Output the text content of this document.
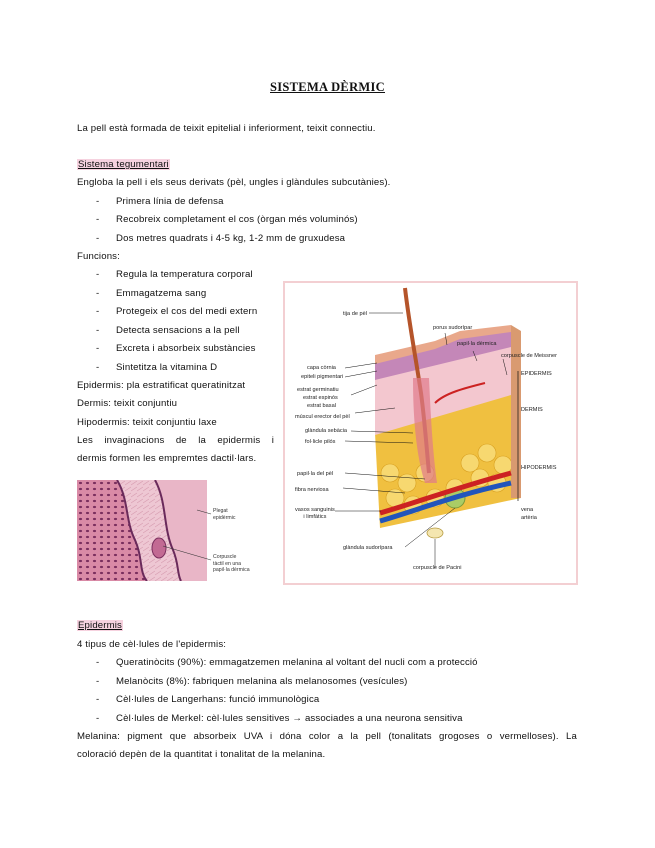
SISTEMA DÈRMIC
La pell està formada de teixit epitelial i inferiorment, teixit connectiu.
Sistema tegumentari
Engloba la pell i els seus derivats (pèl, ungles i glàndules subcutànies).
Primera línia de defensa
Recobreix completament el cos (òrgan més voluminós)
Dos metres quadrats i 4-5 kg, 1-2 mm de gruxudesa
Funcions:
Regula la temperatura corporal
Emmagatzema sang
Protegeix el cos del medi extern
Detecta sensacions a la pell
Excreta i absorbeix substàncies
Sintetitza la vitamina D
Epidermis: pla estratificat queratinitzat
Dermis: teixit conjuntiu
Hipodermis: teixit conjuntiu laxe
Les invaginacions de la epidermis i
dermis formen les empremtes dactil·lars.
Plegat
epidèrmic
Corpuscle
tàctil en una
papil·la dèrmica
tija de pèl
porus sudorípar
papil·la dèrmica
corpuscle de Meissner
EPIDERMIS
DERMIS
HIPODERMIS
capa còrnia
epiteli pigmentari
estrat germinatiu
estrat espinós
estrat basal
múscul erector del pèl
glàndula sebàcia
fol·licle pilós
papil·la del pèl
fibra nerviosa
vasos sanguinis
i limfàtics
glàndula sudorípara
vena
artèria
corpuscle de Pacini
Epidermis
4 tipus de cèl·lules de l'epidermis:
Queratinòcits (90%): emmagatzemen melanina al voltant del nucli com a protecció
Melanòcits (8%): fabriquen melanina als melanosomes (vesícules)
Cèl·lules de Langerhans: funció immunològica
Cèl·lules de Merkel: cèl·lules sensitives → associades a una neurona sensitiva
Melanina: pigment que absorbeix UVA i dóna color a la pell (tonalitats grogoses o vermelloses). La
coloració depèn de la quantitat i tonalitat de la melanina.
